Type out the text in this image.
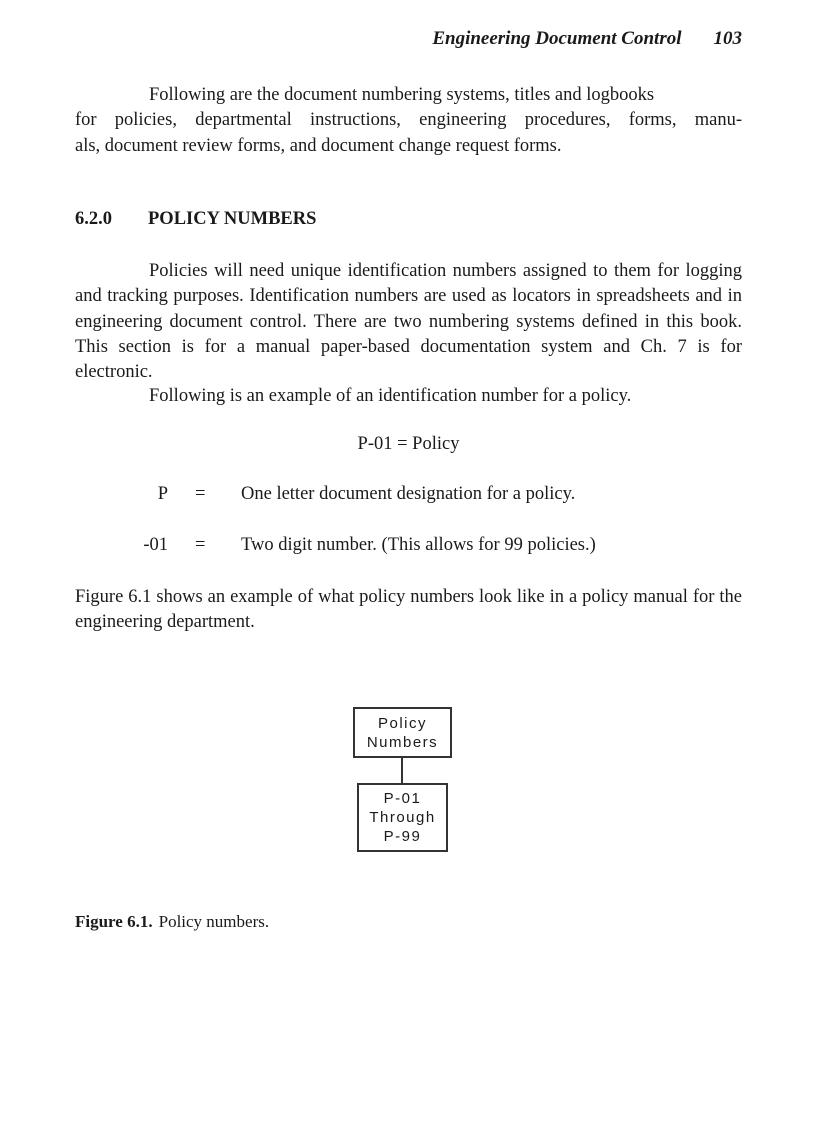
Engineering Document Control 103
Following are the document numbering systems, titles and logbooks
for policies, departmental instructions, engineering procedures, forms, manu-
als, document review forms, and document change request forms.
6.2.0 POLICY NUMBERS

Policies will need unique identification numbers assigned to them for logging and tracking purposes. Identification numbers are used as locators in spreadsheets and in engineering document control. There are two numbering systems defined in this book. This section is for a manual paper-based documentation system and Ch. 7 is for electronic.

Following is an example of an identification number for a policy.

P-01 = Policy
P = One letter document designation for a policy.
-01 = Two digit number. (This allows for 99 policies.)

Figure 6.1 shows an example of what policy numbers look like in a policy manual for the engineering department.

Policy
Numbers
P-01
Through
P-99
Figure 6.1. Policy numbers.
